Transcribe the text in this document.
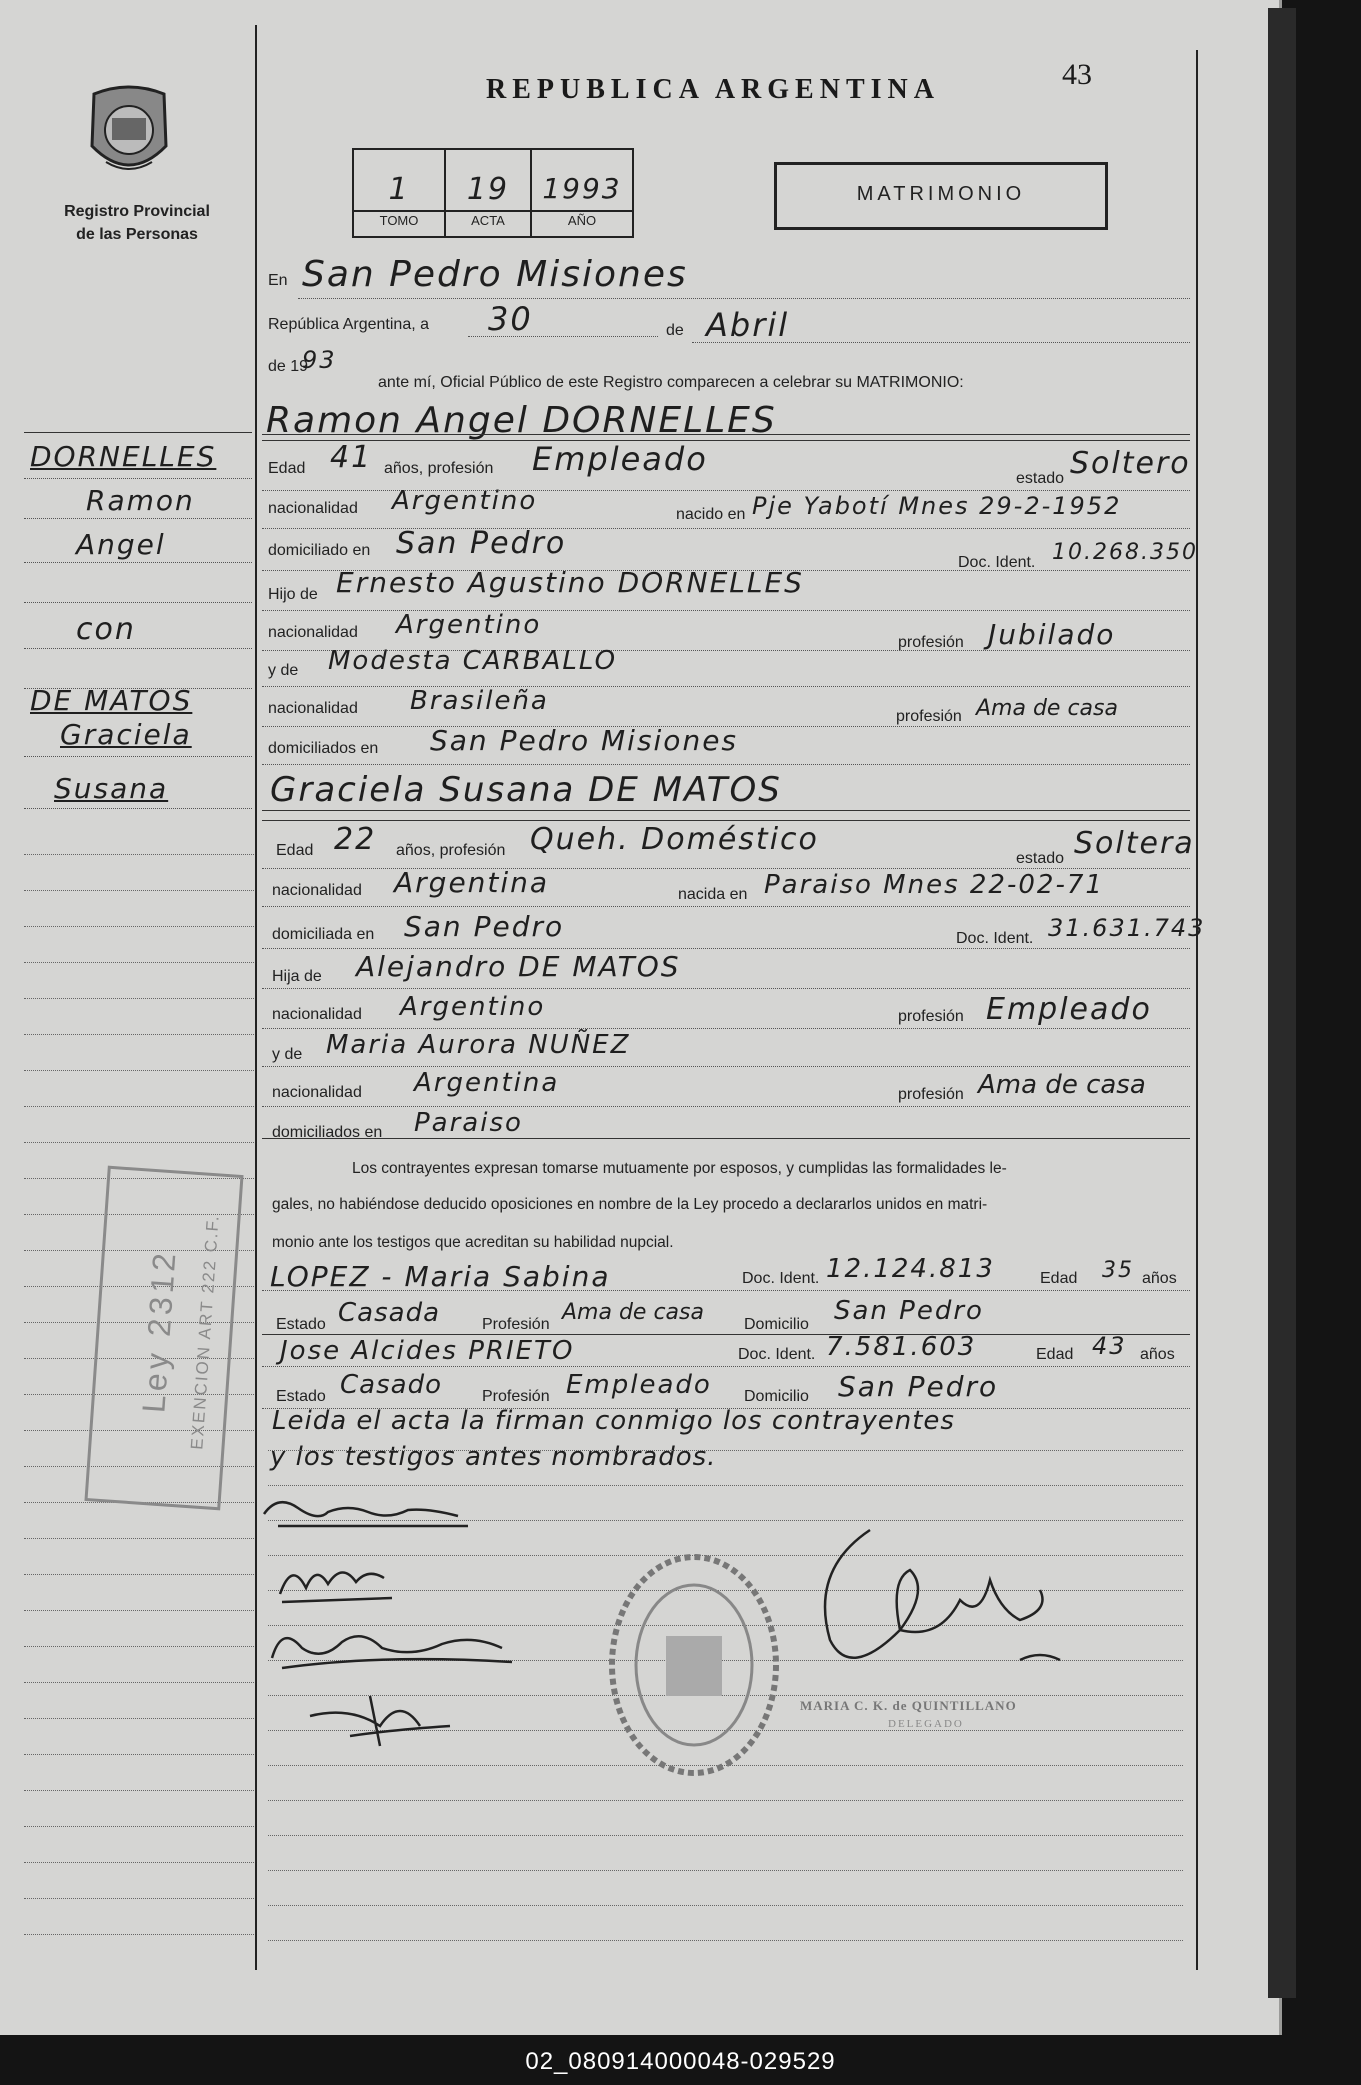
Registro Provincial
de las Personas
REPUBLICA ARGENTINA	43
1	19	1993
TOMO	ACTA	AÑO
MATRIMONIO
En San Pedro Misiones
República Argentina, a 30	de Abril
de 19
93
ante mí, Oficial Público de este Registro comparecen a celebrar su MATRIMONIO:
Ramon Angel DORNELLES
Edad 41 años, profesión Empleado
estado Soltero
nacionalidad Argentino	nacido en Pje Yabotí Mnes 29-2-1952
domiciliado en San Pedro
Doc. Ident. 10.268.350
Hijo de Ernesto Agustino DORNELLES
nacionalidad Argentino
profesión Jubilado
y de Modesta CARBALLO
nacionalidad Brasileña
profesión Ama de casa
domiciliados en San Pedro Misiones
Graciela Susana DE MATOS
Edad 22 años, profesión Queh. Doméstico
estado Soltera
nacionalidad Argentina	nacida en Paraiso Mnes 22-02-71
domiciliada en San Pedro	Doc. Ident. 31.631.743
Hija de Alejandro DE MATOS
nacionalidad Argentino	profesión Empleado
y de Maria Aurora NUÑEZ
nacionalidad Argentina	profesión Ama de casa
domiciliados en Paraiso
Los contrayentes expresan tomarse mutuamente por esposos, y cumplidas las formalidades le-
gales, no habiéndose deducido oposiciones en nombre de la Ley procedo a declararlos unidos en matri-
monio ante los testigos que acreditan su habilidad nupcial.
LOPEZ - Maria Sabina	Doc. Ident. 12.124.813	Edad 35 años
Estado Casada	Profesión Ama de casa	Domicilio San Pedro
Jose Alcides PRIETO	Doc. Ident. 7.581.603	Edad 43 años
Estado Casado	Profesión Empleado Domicilio San Pedro
Leida el acta la firman conmigo los contrayentes
y los testigos antes nombrados.
MARIA C. K. de QUINTILLANO
DELEGADO
DORNELLES
Ramon
Angel
con
DE MATOS
Graciela
Susana
Ley 2312 EXENCION ART 222 C.F.
02_080914000048-029529
